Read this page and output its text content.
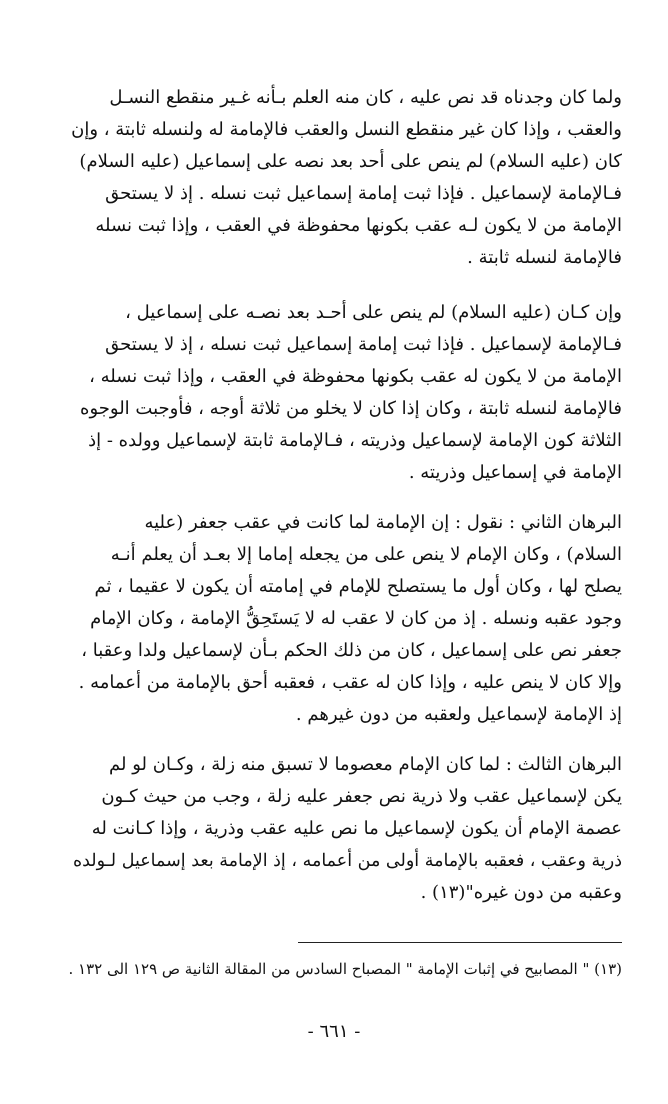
ولما كان وجدناه قد نص عليه ، كان منه العلم بـأنه غـير منقطع النسـل
والعقب ، وإذا كان غير منقطع النسل والعقب فالإمامة له ولنسله ثابتة ، وإن
كان (عليه السلام) لم ينص على أحد بعد نصه على إسماعيل (عليه السلام)
فـالإمامة لإسماعيل . فإذا ثبت إمامة إسماعيل ثبت نسله . إذ لا يستحق
الإمامة من لا يكون لـه عقب بكونها محفوظة في العقب ، وإذا ثبت نسله
فالإمامة لنسله ثابتة .
وإن كـان (عليه السلام) لم ينص على أحـد بعد نصـه على إسماعيل ،
فـالإمامة لإسماعيل . فإذا ثبت إمامة إسماعيل ثبت نسله ، إذ لا يستحق
الإمامة من لا يكون له عقب بكونها محفوظة في العقب ، وإذا ثبت نسله ،
فالإمامة لنسله ثابتة ، وكان إذا كان لا يخلو من ثلاثة أوجه ، فأوجبت الوجوه
الثلاثة كون الإمامة لإسماعيل وذريته ، فـالإمامة ثابتة لإسماعيل وولده - إذ
الإمامة في إسماعيل وذريته .
البرهان الثاني : نقول : إن الإمامة لما كانت في عقب جعفر (عليه
السلام) ، وكان الإمام لا ينص على من يجعله إماما إلا بعـد أن يعلم أنـه
يصلح لها ، وكان أول ما يستصلح للإمام في إمامته أن يكون لا عقيما ، ثم
وجود عقبه ونسله . إذ من كان لا عقب له لا يَستَحِقُّ الإمامة ، وكان الإمام
جعفر نص على إسماعيل ، كان من ذلك الحكم بـأن لإسماعيل ولدا وعقبا ،
وإلا كان لا ينص عليه ، وإذا كان له عقب ، فعقبه أحق بالإمامة من أعمامه .
إذ الإمامة لإسماعيل ولعقبه من دون غيرهم .
البرهان الثالث : لما كان الإمام معصوما لا تسبق منه زلة ، وكـان لو لم
يكن لإسماعيل عقب ولا ذرية نص جعفر عليه زلة ، وجب من حيث كـون
عصمة الإمام أن يكون لإسماعيل ما نص عليه عقب وذرية ، وإذا كـانت له
ذرية وعقب ، فعقبه بالإمامة أولى من أعمامه ، إذ الإمامة بعد إسماعيل لـولده
وعقبه من دون غيره"(١٣) .
(١٣) " المصابيح في إثبات الإمامة " المصباح السادس من المقالة الثانية ص ١٢٩ الى ١٣٢ .
- ٦٦١ -
